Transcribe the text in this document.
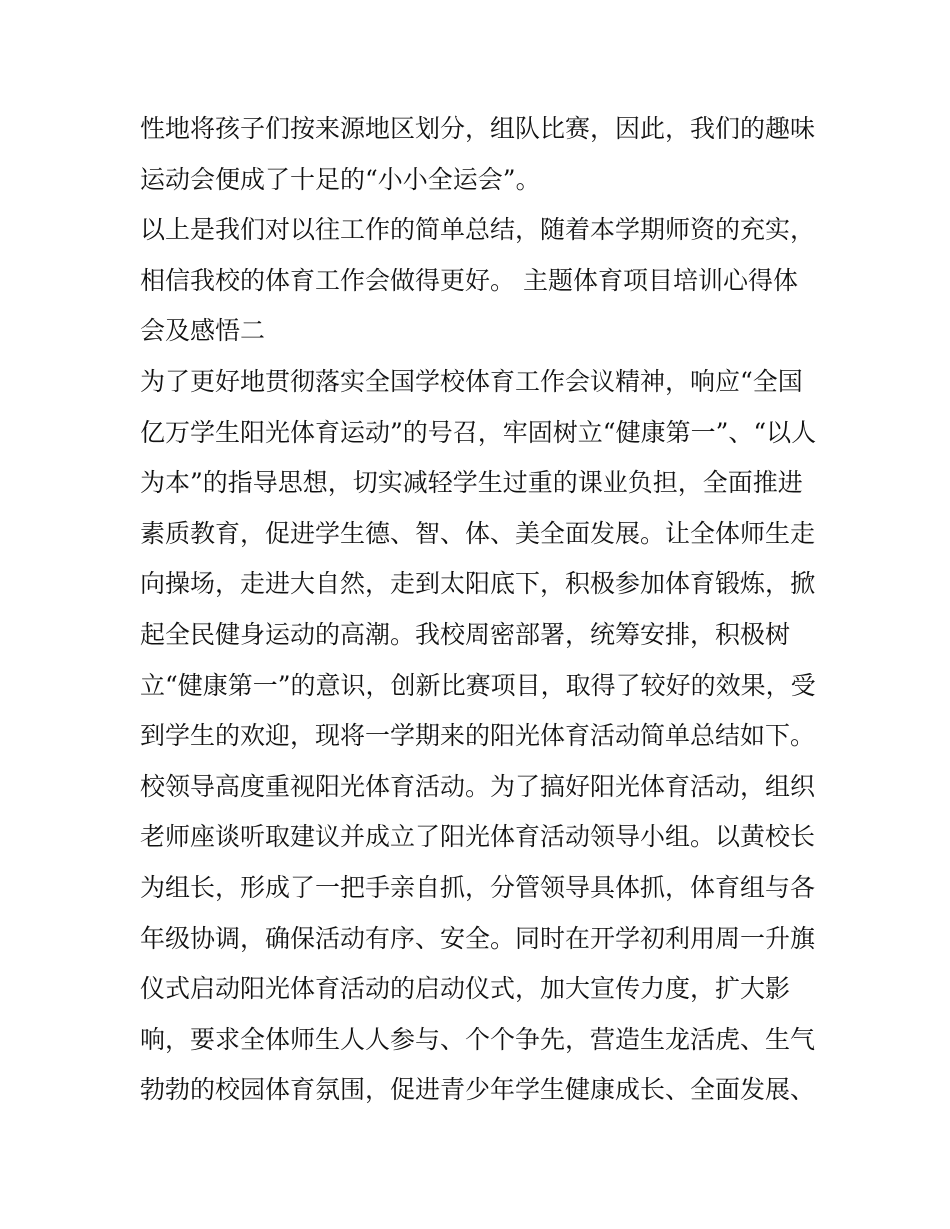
性地将孩子们按来源地区划分，组队比赛，因此，我们的趣味
运动会便成了十足的“小小全运会”。
以上是我们对以往工作的简单总结，随着本学期师资的充实，
相信我校的体育工作会做得更好。 主题体育项目培训心得体
会及感悟二
为了更好地贯彻落实全国学校体育工作会议精神，响应“全国
亿万学生阳光体育运动”的号召，牢固树立“健康第一”、“以人
为本”的指导思想，切实减轻学生过重的课业负担，全面推进
素质教育，促进学生德、智、体、美全面发展。让全体师生走
向操场，走进大自然，走到太阳底下，积极参加体育锻炼，掀
起全民健身运动的高潮。我校周密部署，统筹安排，积极树
立“健康第一”的意识，创新比赛项目，取得了较好的效果，受
到学生的欢迎，现将一学期来的阳光体育活动简单总结如下。
校领导高度重视阳光体育活动。为了搞好阳光体育活动，组织
老师座谈听取建议并成立了阳光体育活动领导小组。以黄校长
为组长，形成了一把手亲自抓，分管领导具体抓，体育组与各
年级协调，确保活动有序、安全。同时在开学初利用周一升旗
仪式启动阳光体育活动的启动仪式，加大宣传力度，扩大影
响，要求全体师生人人参与、个个争先，营造生龙活虎、生气
勃勃的校园体育氛围，促进青少年学生健康成长、全面发展、
